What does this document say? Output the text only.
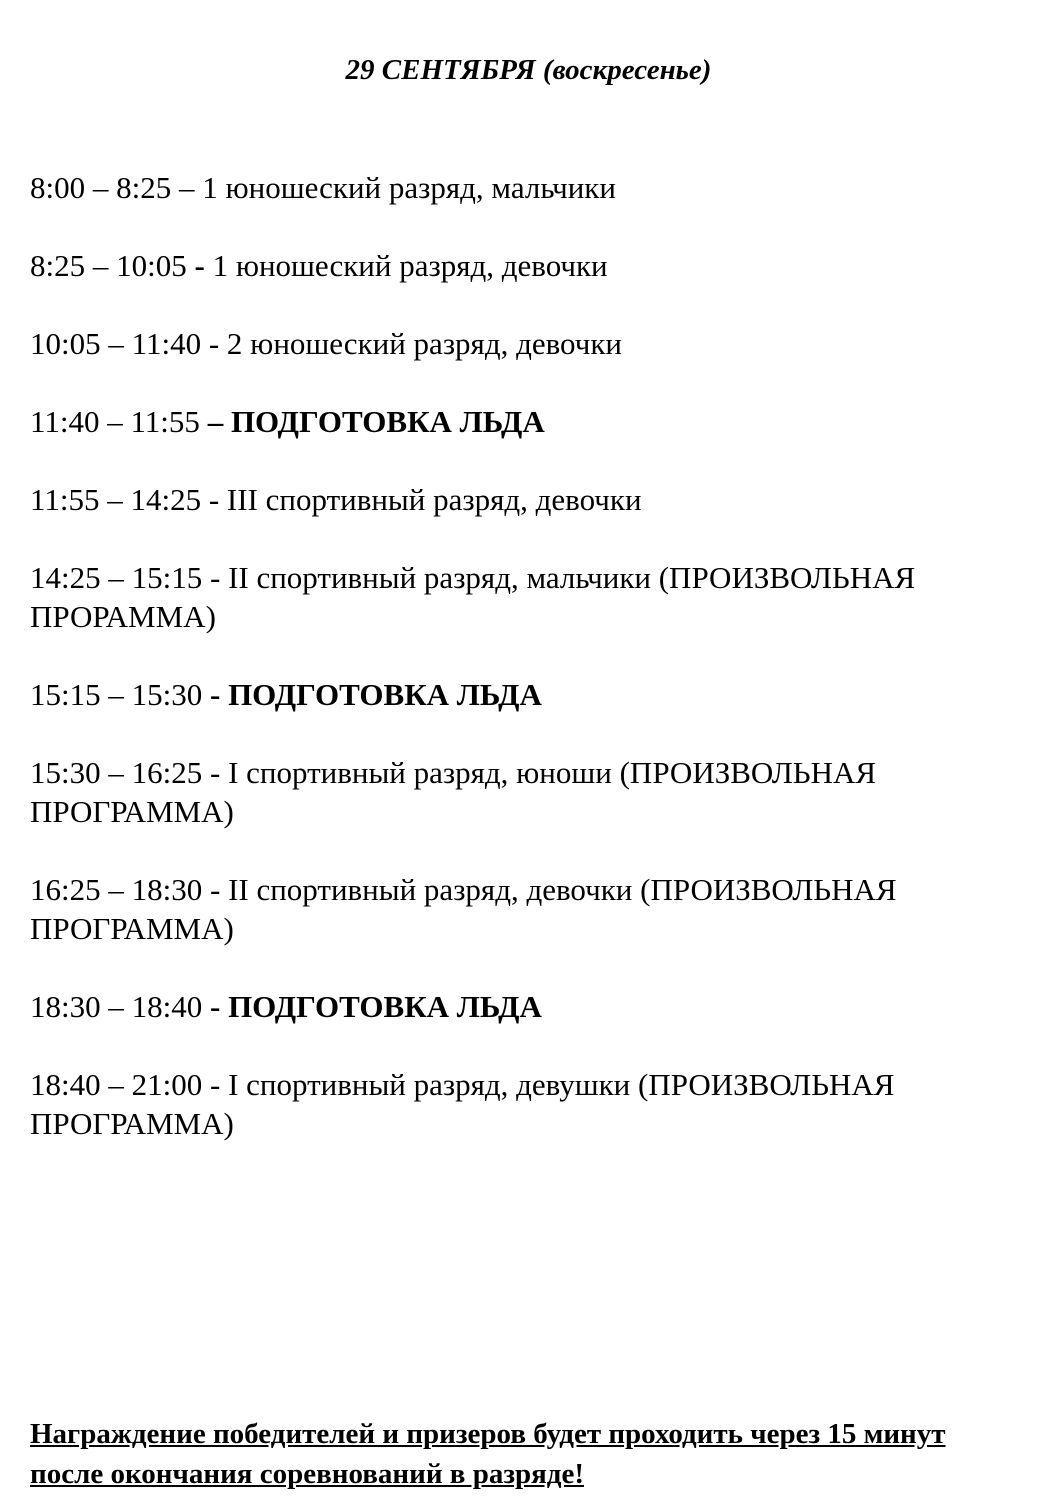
29 СЕНТЯБРЯ (воскресенье)
8:00 – 8:25 – 1 юношеский разряд, мальчики
8:25 – 10:05 - 1 юношеский разряд, девочки
10:05 – 11:40 - 2 юношеский разряд, девочки
11:40 – 11:55 – ПОДГОТОВКА ЛЬДА
11:55 – 14:25 - III спортивный разряд, девочки
14:25 – 15:15 - II спортивный разряд, мальчики (ПРОИЗВОЛЬНАЯ ПРОРАММА)
15:15 – 15:30 - ПОДГОТОВКА ЛЬДА
15:30 – 16:25 - I спортивный разряд, юноши (ПРОИЗВОЛЬНАЯ ПРОГРАММА)
16:25 – 18:30 - II спортивный разряд, девочки (ПРОИЗВОЛЬНАЯ ПРОГРАММА)
18:30 – 18:40 - ПОДГОТОВКА ЛЬДА
18:40 – 21:00 - I спортивный разряд, девушки (ПРОИЗВОЛЬНАЯ ПРОГРАММА)

Награждение победителей и призеров будет проходить через 15 минут после окончания соревнований в разряде!
